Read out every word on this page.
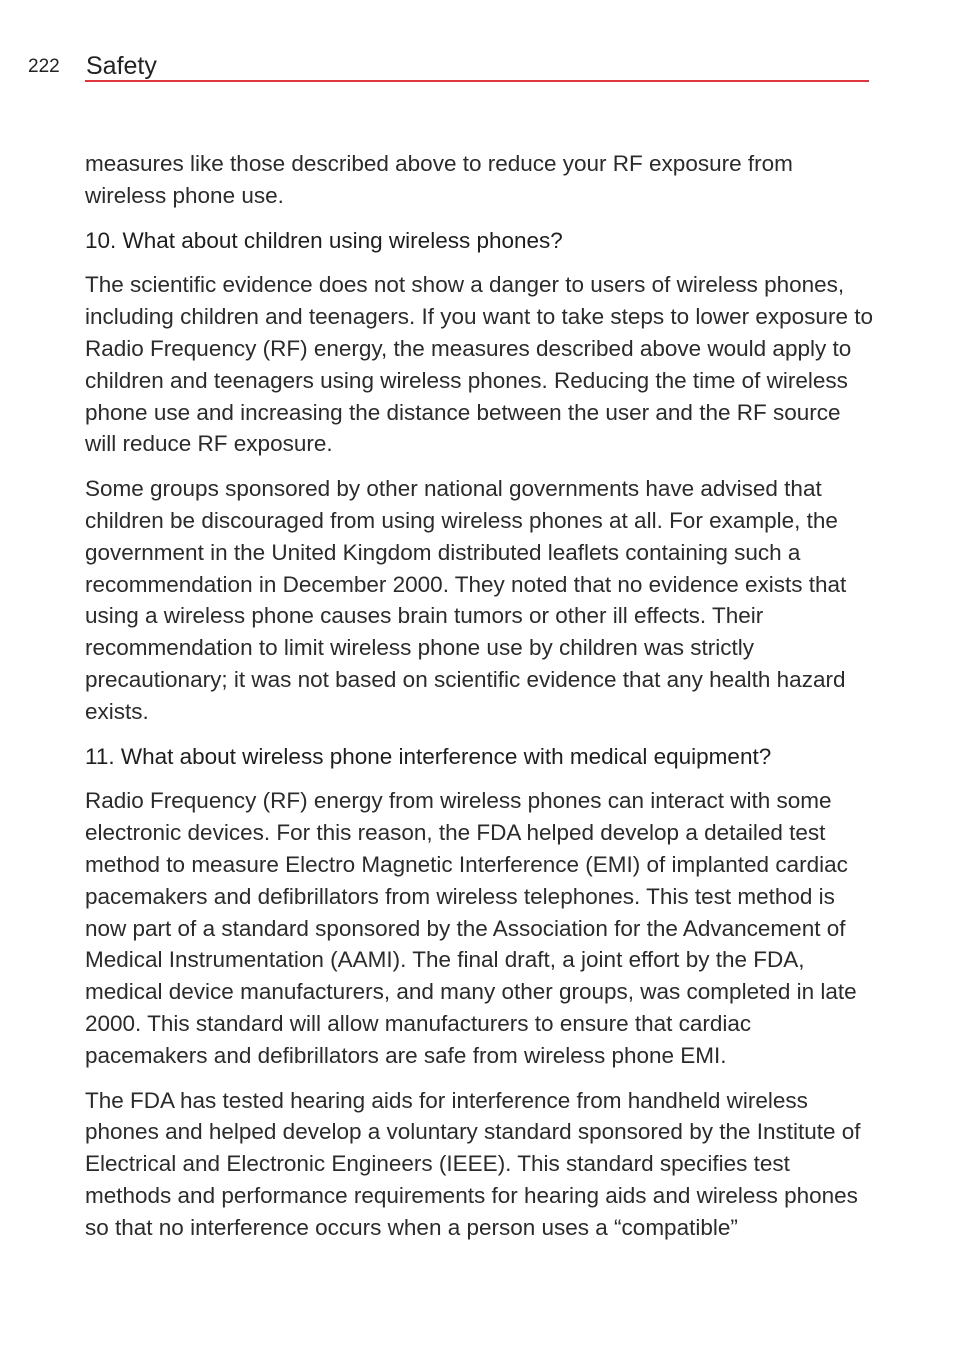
222 Safety

measures like those described above to reduce your RF exposure from wireless phone use.

10. What about children using wireless phones?

The scientific evidence does not show a danger to users of wireless phones, including children and teenagers. If you want to take steps to lower exposure to Radio Frequency (RF) energy, the measures described above would apply to children and teenagers using wireless phones. Reducing the time of wireless phone use and increasing the distance between the user and the RF source will reduce RF exposure.

Some groups sponsored by other national governments have advised that children be discouraged from using wireless phones at all. For example, the government in the United Kingdom distributed leaflets containing such a recommendation in December 2000. They noted that no evidence exists that using a wireless phone causes brain tumors or other ill effects. Their recommendation to limit wireless phone use by children was strictly precautionary; it was not based on scientific evidence that any health hazard exists.

11. What about wireless phone interference with medical equipment?

Radio Frequency (RF) energy from wireless phones can interact with some electronic devices. For this reason, the FDA helped develop a detailed test method to measure Electro Magnetic Interference (EMI) of implanted cardiac pacemakers and defibrillators from wireless telephones. This test method is now part of a standard sponsored by the Association for the Advancement of Medical Instrumentation (AAMI). The final draft, a joint effort by the FDA, medical device manufacturers, and many other groups, was completed in late 2000. This standard will allow manufacturers to ensure that cardiac pacemakers and defibrillators are safe from wireless phone EMI.

The FDA has tested hearing aids for interference from handheld wireless phones and helped develop a voluntary standard sponsored by the Institute of Electrical and Electronic Engineers (IEEE). This standard specifies test methods and performance requirements for hearing aids and wireless phones so that no interference occurs when a person uses a “compatible”
